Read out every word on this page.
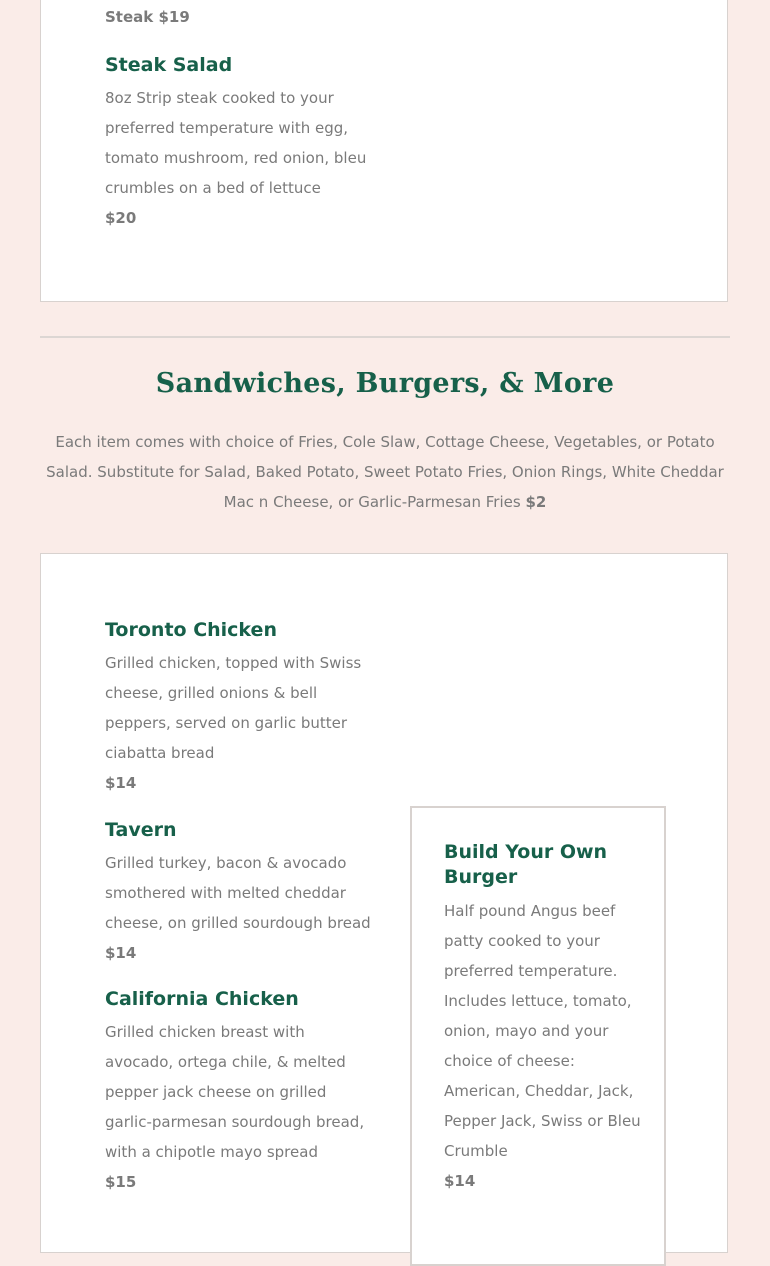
Steak $19
Steak Salad

8oz Strip steak cooked to your preferred temperature with egg, tomato mushroom, red onion, bleu crumbles on a bed of lettuce

$20

Sandwiches, Burgers, & More

Each item comes with choice of Fries, Cole Slaw, Cottage Cheese, Vegetables, or Potato Salad. Substitute for Salad, Baked Potato, Sweet Potato Fries, Onion Rings, White Cheddar Mac n Cheese, or Garlic-Parmesan Fries $2

Toronto Chicken

Grilled chicken, topped with Swiss cheese, grilled onions & bell peppers, served on garlic butter ciabatta bread

$14

Tavern

Grilled turkey, bacon & avocado smothered with melted cheddar cheese, on grilled sourdough bread

$14

California Chicken

Grilled chicken breast with avocado, ortega chile, & melted pepper jack cheese on grilled garlic-parmesan sourdough bread, with a chipotle mayo spread

$15

Build Your Own Burger

Half pound Angus beef patty cooked to your preferred temperature. Includes lettuce, tomato, onion, mayo and your choice of cheese: American, Cheddar, Jack, Pepper Jack, Swiss or Bleu Crumble

$14
